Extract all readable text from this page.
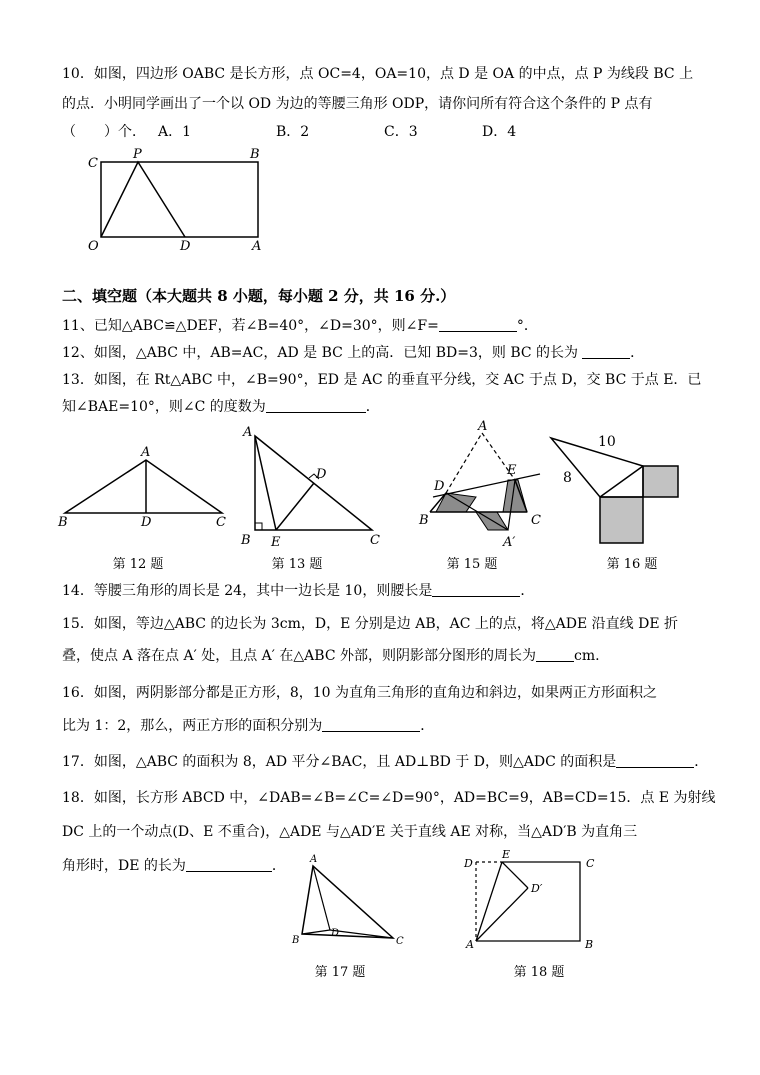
10．如图，四边形 OABC 是长方形，点 OC=4，OA=10，点 D 是 OA 的中点，点 P 为线段 BC 上
的点．小明同学画出了一个以 OD 为边的等腰三角形 ODP，请你问所有符合这个条件的 P 点有
（　　）个． A．1	B．2	C．3	D．4
C
P	B
O	D	A
二、填空题（本大题共 8 小题，每小题 2 分，共 16 分.）
11、已知△ABC≌△DEF，若∠B=40°，∠D=30°，则∠F=	°．
12、如图，△ABC 中，AB=AC，AD 是 BC 上的高．已知 BD=3，则 BC 的长为	．
13．如图，在 Rt△ABC 中，∠B=90°，ED 是 AC 的垂直平分线，交 AC 于点 D，交 BC 于点 E．已
知∠BAE=10°，则∠C 的度数为	．
A
B	D	C
A
D
B E	C
A
D
E
B	C
A′
10
8
第 12 题	第 13 题	第 15 题	第 16 题
14．等腰三角形的周长是 24，其中一边长是 10，则腰长是	．
15．如图，等边△ABC 的边长为 3cm，D，E 分别是边 AB，AC 上的点，将△ADE 沿直线 DE 折
叠，使点 A 落在点 A′ 处，且点 A′ 在△ABC 外部，则阴影部分图形的周长为	cm.
16．如图，两阴影部分都是正方形，8，10 为直角三角形的直角边和斜边，如果两正方形面积之
比为 1：2，那么，两正方形的面积分别为	．
17．如图，△ABC 的面积为 8，AD 平分∠BAC，且 AD⊥BD 于 D，则△ADC 的面积是	．
18．如图，长方形 ABCD 中，∠DAB=∠B=∠C=∠D=90°，AD=BC=9，AB=CD=15．点 E 为射线
DC 上的一个动点(D、E 不重合)，△ADE 与△AD′E 关于直线 AE 对称，当△AD′B 为直角三
角形时，DE 的长为	． A
B
D
C
D
E
C
D′
A	B
第 17 题	第 18 题
